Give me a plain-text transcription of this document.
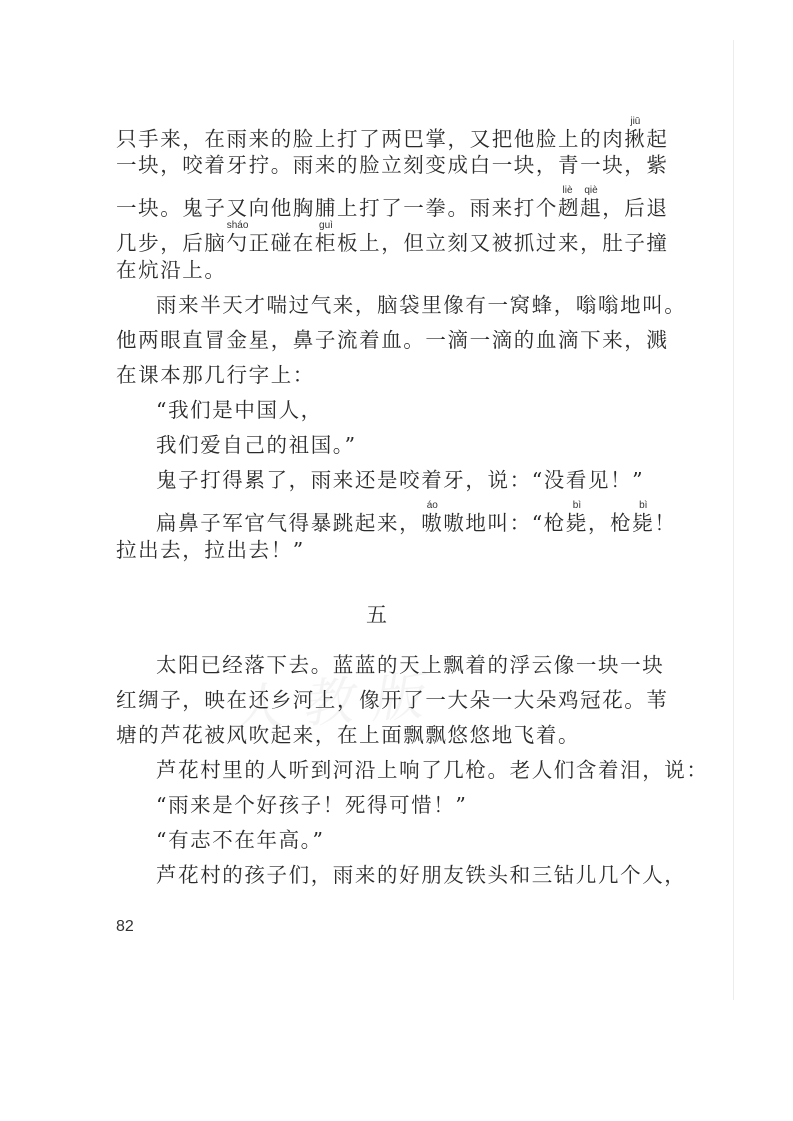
只手来，在雨来的脸上打了两巴掌，又把他脸上的肉揪jiū起
一块，咬着牙拧。雨来的脸立刻变成白一块，青一块，紫
一块。鬼子又向他胸脯上打了一拳。雨来打个趔趄liè qiè，后退
几步，后脑勺sháo正碰在柜guì板上，但立刻又被抓过来，肚子撞
在炕沿上。
雨来半天才喘过气来，脑袋里像有一窝蜂，嗡嗡地叫。
他两眼直冒金星，鼻子流着血。一滴一滴的血滴下来，溅
在课本那几行字上：
“我们是中国人，
我们爱自己的祖国。”
鬼子打得累了，雨来还是咬着牙，说：“没看见！”
扁鼻子军官气得暴跳起来，嗷áo嗷地叫：“枪毙bì，枪毙bì！
拉出去，拉出去！”
太阳已经落下去。蓝蓝的天上飘着的浮云像一块一块
红绸子，映在还乡河上，像开了一大朵一大朵鸡冠花。苇
塘的芦花被风吹起来，在上面飘飘悠悠地飞着。
芦花村里的人听到河沿上响了几枪。老人们含着泪，说：
“雨来是个好孩子！死得可惜！”
“有志不在年高。”
芦花村的孩子们，雨来的好朋友铁头和三钻儿几个人，
五
82
